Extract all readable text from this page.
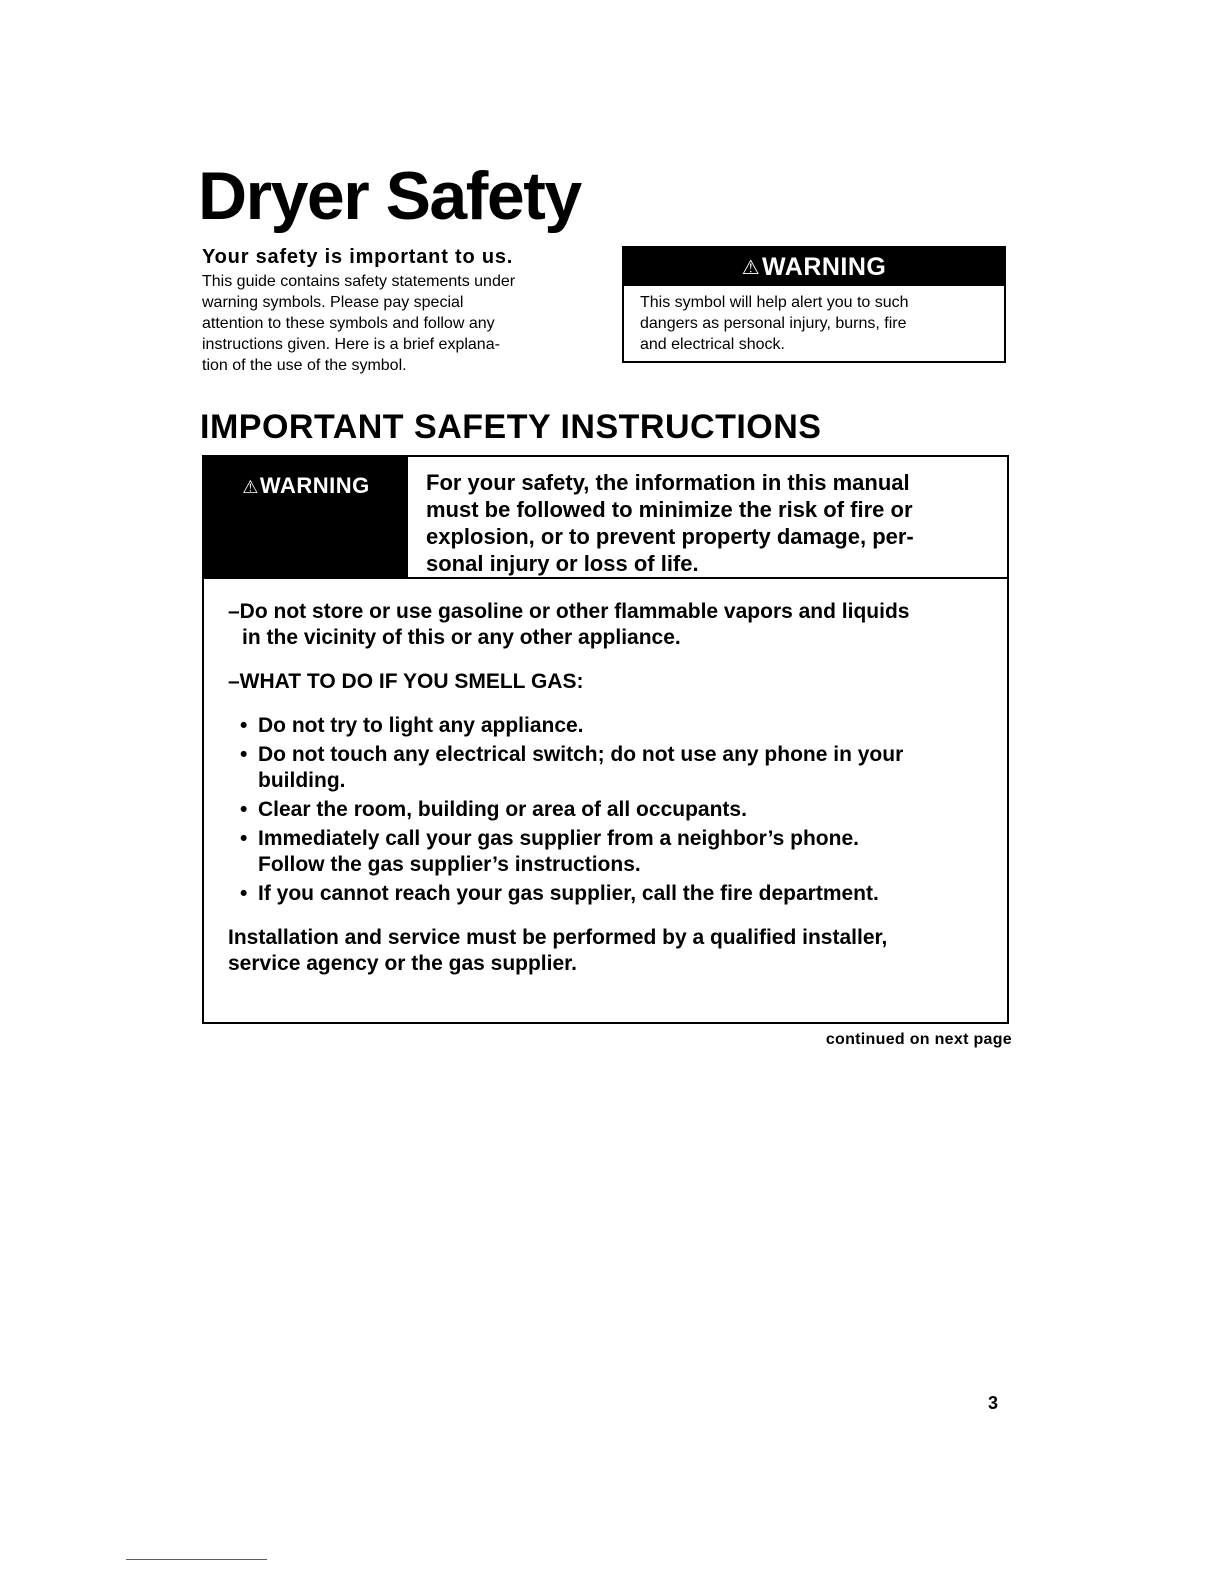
Dryer Safety

Your safety is important to us.

This guide contains safety statements under
warning symbols. Please pay special
attention to these symbols and follow any
instructions given. Here is a brief explana-
tion of the use of the symbol.

⚠ WARNING

This symbol will help alert you to such
dangers as personal injury, burns, fire
and electrical shock.

IMPORTANT SAFETY INSTRUCTIONS
⚠WARNING	For your safety, the information in this manual
must be followed to minimize the risk of fire or
explosion, or to prevent property damage, per-
sonal injury or loss of life.

–Do not store or use gasoline or other flammable vapors and liquids
in the vicinity of this or any other appliance.

–WHAT TO DO IF YOU SMELL GAS:

• Do not try to light any appliance.
• Do not touch any electrical switch; do not use any phone in your
building.
• Clear the room, building or area of all occupants.
• Immediately call your gas supplier from a neighbor’s phone.
Follow the gas supplier’s instructions.
• If you cannot reach your gas supplier, call the fire department.

Installation and service must be performed by a qualified installer,
service agency or the gas supplier.

continued on next page

3
